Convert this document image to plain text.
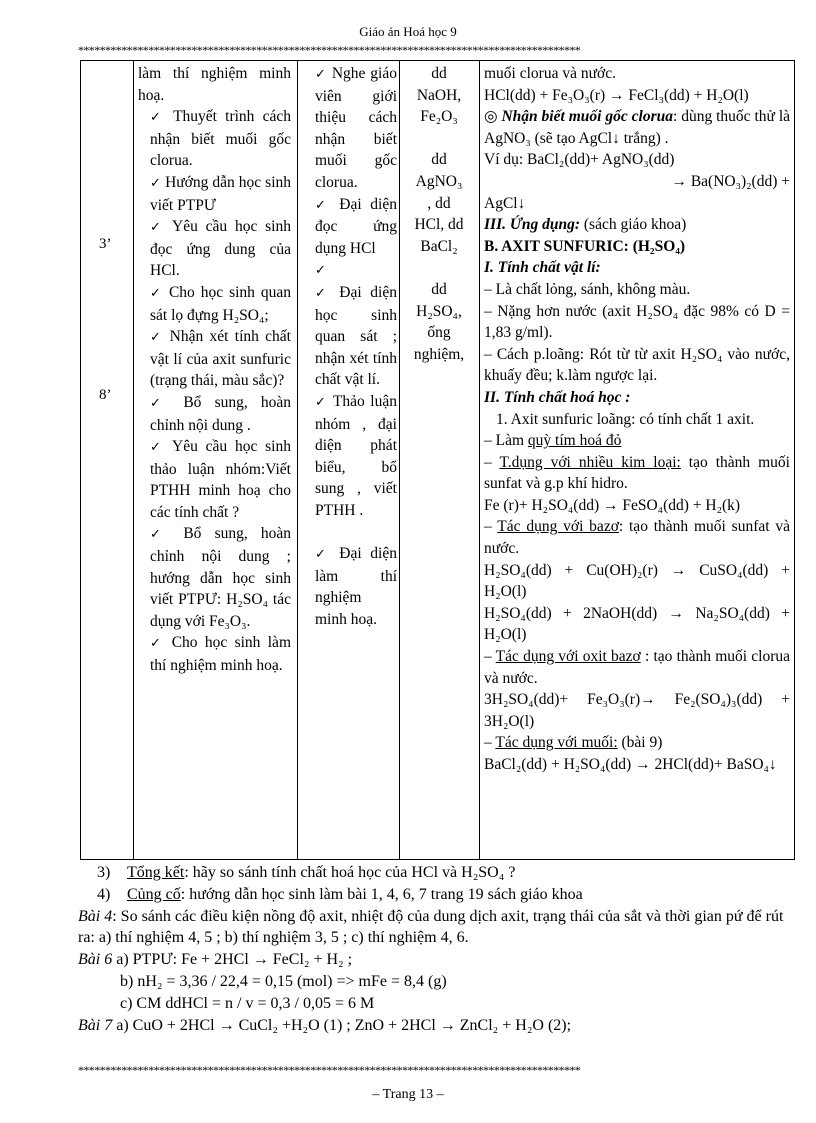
Giáo án Hoá học 9
*********************************************************************************************
3’
8’

làm thí nghiệm minh hoạ.

✓ Thuyết trình cách nhận biết muối gốc clorua.

✓ Hướng dẫn học sinh viết PTPƯ

✓ Yêu cầu học sinh đọc ứng dung của HCl.

✓ Cho học sinh quan sát lọ đựng H₂SO₄;

✓ Nhận xét tính chất vật lí của axit sunfuric (trạng thái, màu sắc)?

✓ Bổ sung, hoàn chỉnh nội dung .

✓ Yêu cầu học sinh thảo luận nhóm:Viết PTHH minh hoạ cho các tính chất ?

✓ Bổ sung, hoàn chỉnh nội dung ; hướng dẫn học sinh viết PTPƯ: H₂SO₄ tác dụng với Fe₃O₃.

✓ Cho học sinh làm thí nghiệm minh hoạ.

✓ Nghe giáo viên giới thiệu cách nhận biết muối gốc clorua.

✓ Đại diện đọc ứng dụng HCl

✓

✓ Đại diện học sinh quan sát ; nhận xét tính chất vật lí.

✓ Thảo luận nhóm , đại diện phát biểu, bổ sung , viết PTHH .

✓ Đại diện làm thí nghiệm minh hoạ.

dd
NaOH,
Fe₂O₃
dd
AgNO₃
, dd
HCl, dd
BaCl₂
dd
H₂SO₄,
ống
nghiệm,

muối clorua và nước.

HCl(dd) + Fe₃O₃(r) → FeCl₃(dd) + H₂O(l)

◎ Nhận biết muối gốc clorua: dùng thuốc thử là AgNO₃ (sẽ tạo AgCl↓ trắng) .

Ví dụ: BaCl₂(dd)+ AgNO₃(dd)

→ Ba(NO₃)₂(dd) +

AgCl↓

III. Ứng dụng: (sách giáo khoa)

B. AXIT SUNFURIC: (H₂SO₄)

I. Tính chất vật lí:

– Là chất lỏng, sánh, không màu.

– Nặng hơn nước (axit H₂SO₄ đặc 98% có D = 1,83 g/ml).

– Cách p.loãng: Rót từ từ axit H₂SO₄ vào nước, khuấy đều; k.làm ngược lại.

II. Tính chất hoá học :

1. Axit sunfuric loãng: có tính chất 1 axit.

– Làm quỳ tím hoá đỏ

– T.dụng với nhiều kim loại: tạo thành muối sunfat và g.p khí hidro.

Fe (r)+ H₂SO₄(dd) → FeSO₄(dd) + H₂(k)

– Tác dụng với bazơ: tạo thành muối sunfat và nước.

H₂SO₄(dd) + Cu(OH)₂(r) → CuSO₄(dd) + H₂O(l)

H₂SO₄(dd) + 2NaOH(dd) → Na₂SO₄(dd) + H₂O(l)

– Tác dụng với oxit bazơ : tạo thành muối clorua và nước.

3H₂SO₄(dd)+ Fe₃O₃(r)→ Fe₂(SO₄)₃(dd) + 3H₂O(l)

– Tác dụng với muối: (bài 9)

BaCl₂(dd) + H₂SO₄(dd) → 2HCl(dd)+ BaSO₄↓

3) Tổng kết: hãy so sánh tính chất hoá học của HCl và H₂SO₄ ?
4) Củng cố: hướng dẫn học sinh làm bài 1, 4, 6, 7 trang 19 sách giáo khoa
Bài 4: So sánh các điều kiện nồng độ axit, nhiệt độ của dung dịch axit, trạng thái của sắt và thời gian pứ để rút ra: a) thí nghiệm 4, 5 ; b) thí nghiệm 3, 5 ; c) thí nghiệm 4, 6.
Bài 6 a) PTPƯ: Fe + 2HCl → FeCl₂ + H₂ ;
b) nH₂ = 3,36 / 22,4 = 0,15 (mol) => mFe = 8,4 (g)
c) CM ddHCl = n / v = 0,3 / 0,05 = 6 M
Bài 7 a) CuO + 2HCl → CuCl₂ +H₂O (1) ; ZnO + 2HCl → ZnCl₂ + H₂O (2);
*********************************************************************************************
– Trang 13 –
